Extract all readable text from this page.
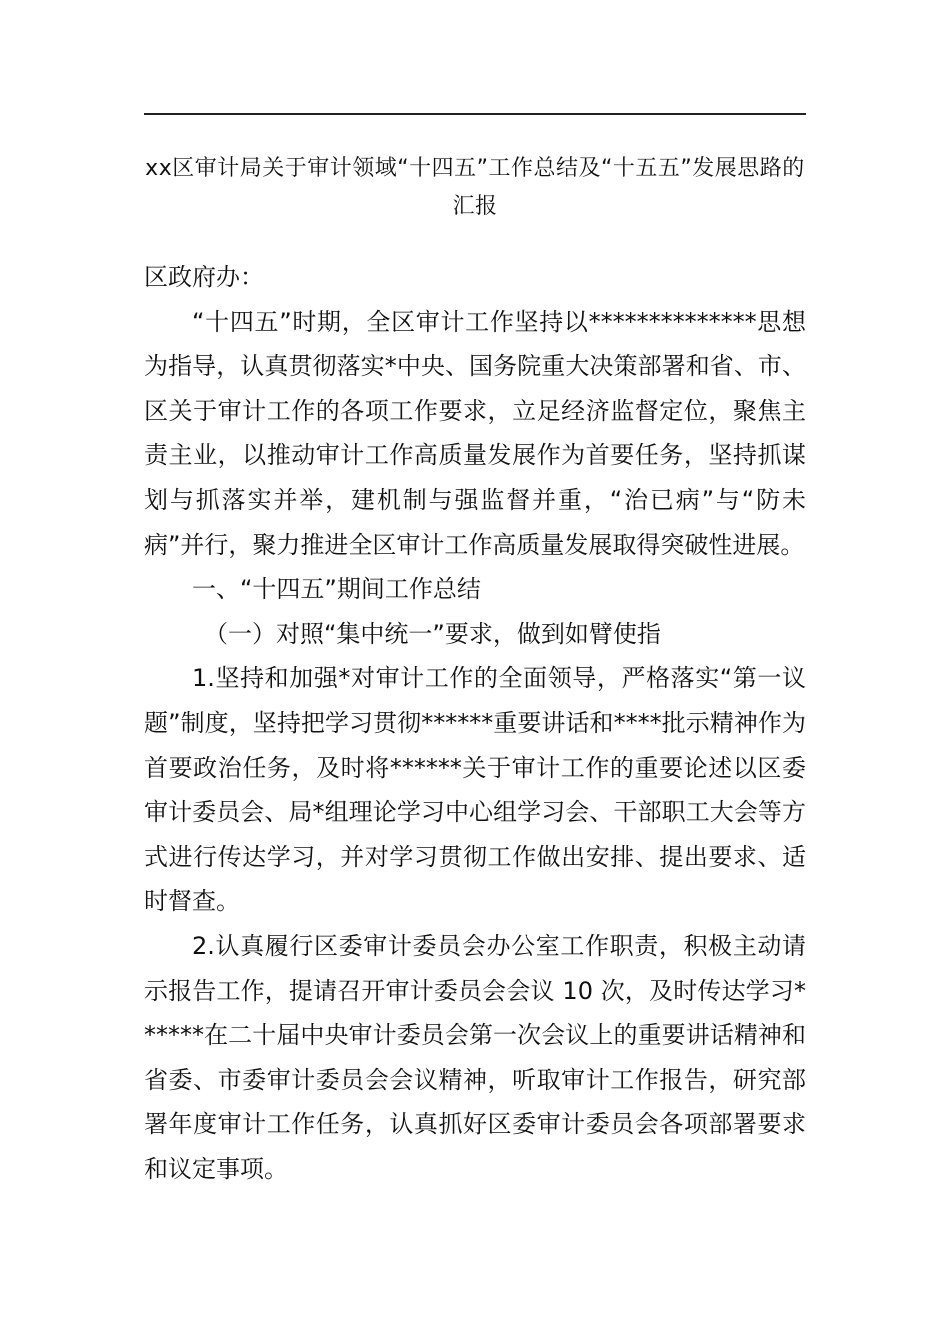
xx区审计局关于审计领域“十四五”工作总结及“十五五”发展思路的汇报

区政府办：

“十四五”时期，全区审计工作坚持以**************思想为指导，认真贯彻落实*中央、国务院重大决策部署和省、市、区关于审计工作的各项工作要求，立足经济监督定位，聚焦主责主业，以推动审计工作高质量发展作为首要任务，坚持抓谋划与抓落实并举，建机制与强监督并重，“治已病”与“防未病”并行，聚力推进全区审计工作高质量发展取得突破性进展。

一、“十四五”期间工作总结

（一）对照“集中统一”要求，做到如臂使指

1.坚持和加强*对审计工作的全面领导，严格落实“第一议题”制度，坚持把学习贯彻******重要讲话和****批示精神作为首要政治任务，及时将******关于审计工作的重要论述以区委审计委员会、局*组理论学习中心组学习会、干部职工大会等方式进行传达学习，并对学习贯彻工作做出安排、提出要求、适时督查。

2.认真履行区委审计委员会办公室工作职责，积极主动请示报告工作，提请召开审计委员会会议 10 次，及时传达学习******在二十届中央审计委员会第一次会议上的重要讲话精神和省委、市委审计委员会会议精神，听取审计工作报告，研究部署年度审计工作任务，认真抓好区委审计委员会各项部署要求和议定事项。
